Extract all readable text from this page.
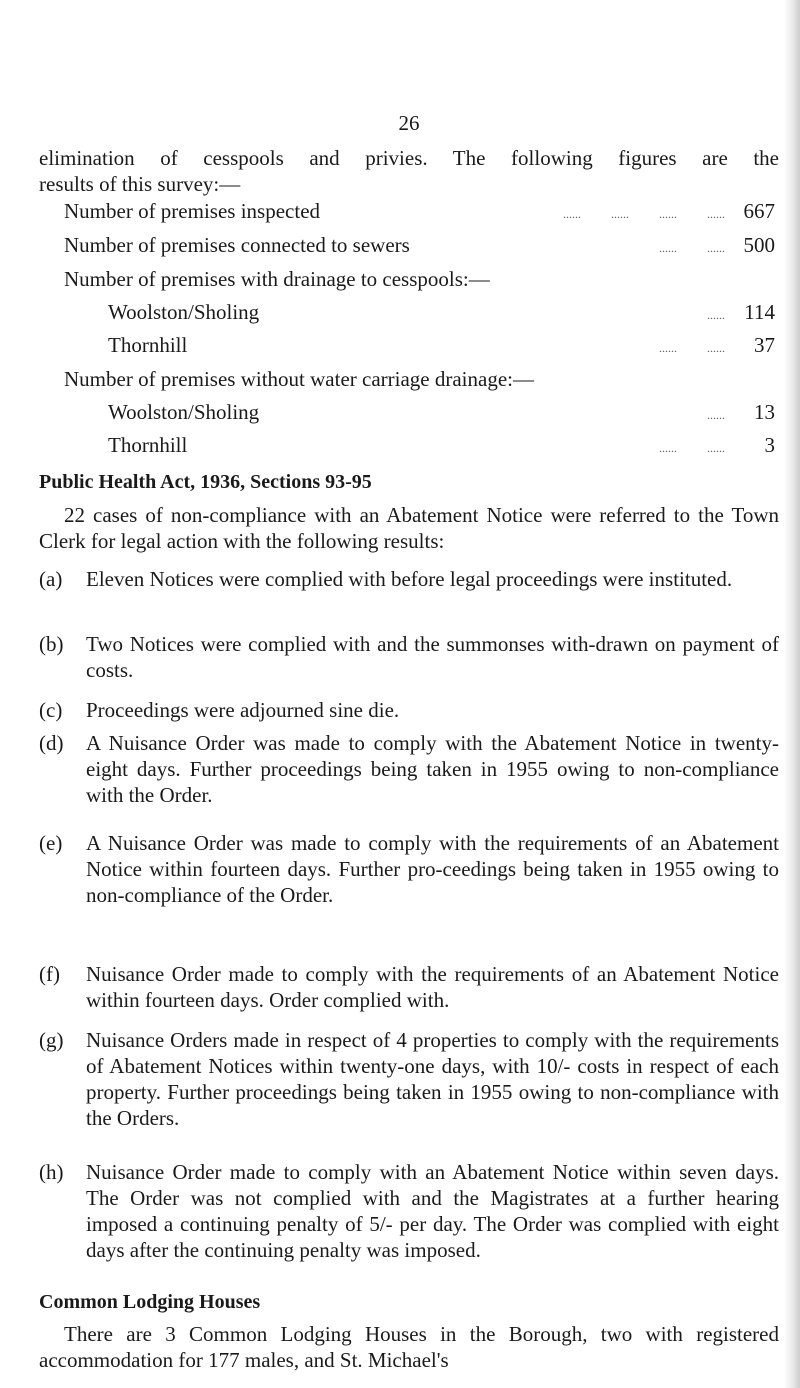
26
elimination of cesspools and privies. The following figures are the
results of this survey:—
Number of premises inspected	......          ......          ......          ...... 667
Number of premises connected to sewers	......          ...... 500
Number of premises with drainage to cesspools:—
Woolston/Sholing	...... 114
Thornhill	......          ......	37
Number of premises without water carriage drainage:—
Woolston/Sholing	......	13
Thornhill	......          ......	3
Public Health Act, 1936, Sections 93-95

22 cases of non-compliance with an Abatement Notice were referred to the Town Clerk for legal action with the following results:

(a)	Eleven Notices were complied with before legal proceedings were instituted.
(b)	Two Notices were complied with and the summonses with-drawn on payment of costs.
(c)	Proceedings were adjourned sine die.
(d)	A Nuisance Order was made to comply with the Abatement Notice in twenty-eight days. Further proceedings being taken in 1955 owing to non-compliance with the Order.
(e)	A Nuisance Order was made to comply with the requirements of an Abatement Notice within fourteen days. Further pro-ceedings being taken in 1955 owing to non-compliance of the Order.
(f)	Nuisance Order made to comply with the requirements of an Abatement Notice within fourteen days. Order complied with.
(g)	Nuisance Orders made in respect of 4 properties to comply with the requirements of Abatement Notices within twenty-one days, with 10/- costs in respect of each property. Further proceedings being taken in 1955 owing to non-compliance with the Orders.
(h)	Nuisance Order made to comply with an Abatement Notice within seven days. The Order was not complied with and the Magistrates at a further hearing imposed a continuing penalty of 5/- per day. The Order was complied with eight days after the continuing penalty was imposed.
Common Lodging Houses

There are 3 Common Lodging Houses in the Borough, two with registered accommodation for 177 males, and St. Michael's
